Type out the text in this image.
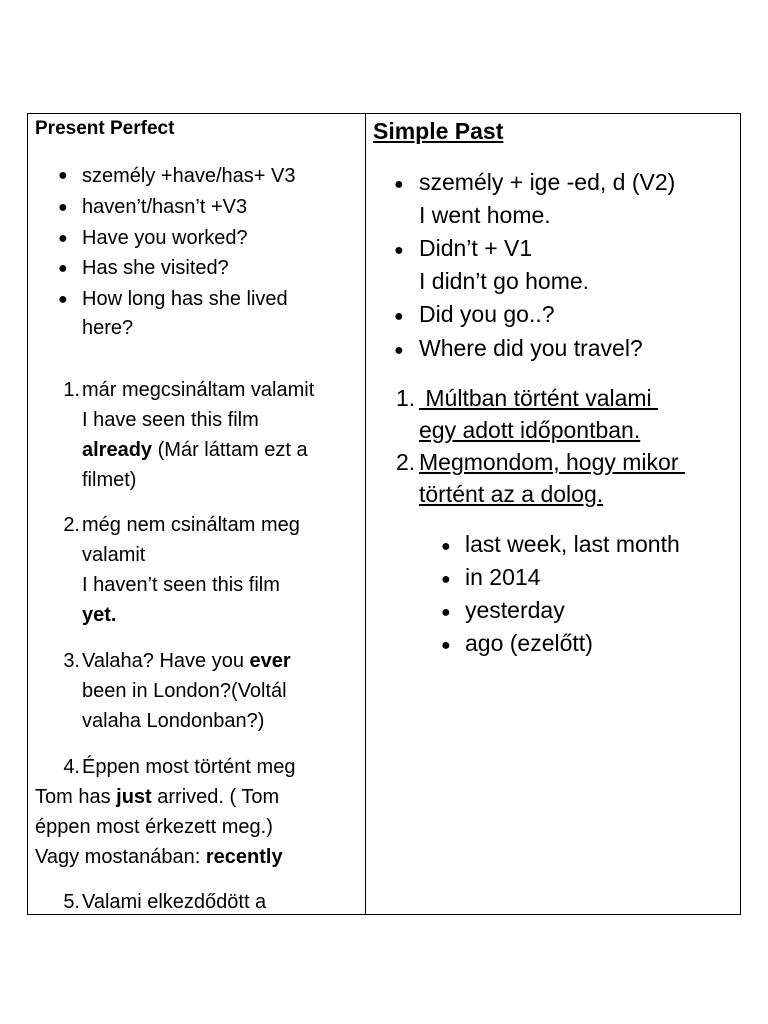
Present Perfect
● személy +have/has+ V3
● haven’t/hasn’t +V3
● Have you worked?
● Has she visited?
● How long has she lived
here?
1. már megcsináltam valamit
I have seen this film
already (Már láttam ezt a
filmet)
2. még nem csináltam meg
valamit
I haven’t seen this film
yet.
3. Valaha? Have you ever
been in London?(Voltál
valaha Londonban?)
4. Éppen most történt meg
Tom has just arrived. ( Tom
éppen most érkezett meg.)
Vagy mostanában: recently
5. Valami elkezdődött a
Simple Past
● személy + ige -ed, d (V2)
I went home.
● Didn’t + V1
I didn’t go home.
● Did you go..?
● Where did you travel?
1. Múltban történt valami
egy adott időpontban.
2. Megmondom, hogy mikor
történt az a dolog.
● last week, last month
● in 2014
● yesterday
● ago (ezelőtt)
